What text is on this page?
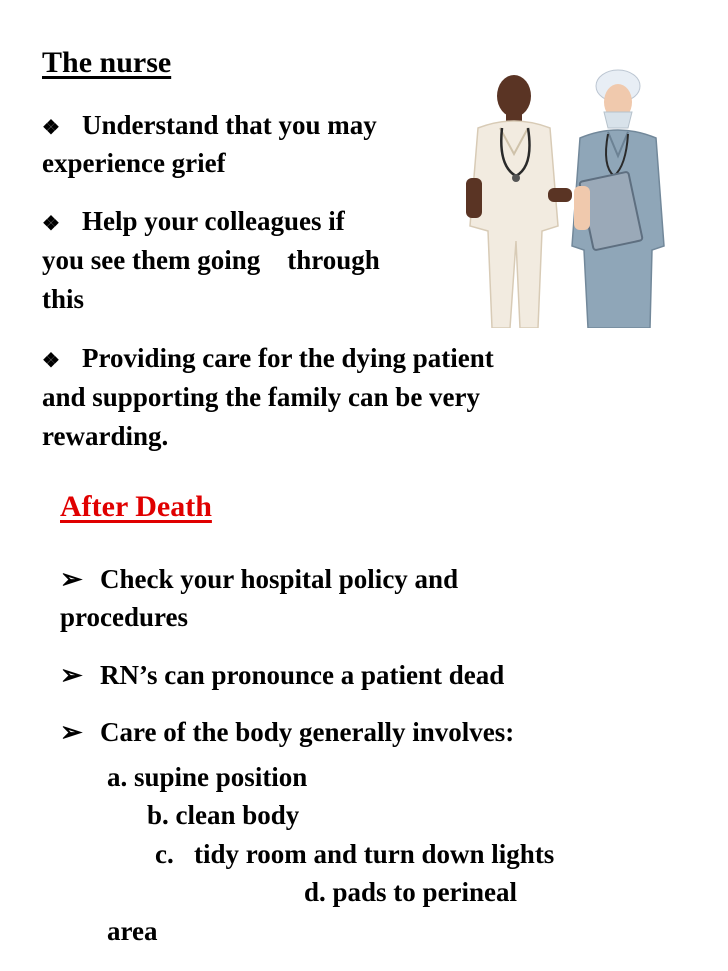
The nurse
❖ Understand that you may
experience grief
❖ Help your colleagues if
you see them going    through
this
❖ Providing care for the dying patient
and supporting the family can be very
rewarding.
After Death
➢ Check your hospital policy and
procedures
➢ RN’s can pronounce a patient dead
➢ Care of the body generally involves:
a. supine position
b. clean body
c.   tidy room and turn down lights
d. pads to perineal
area
